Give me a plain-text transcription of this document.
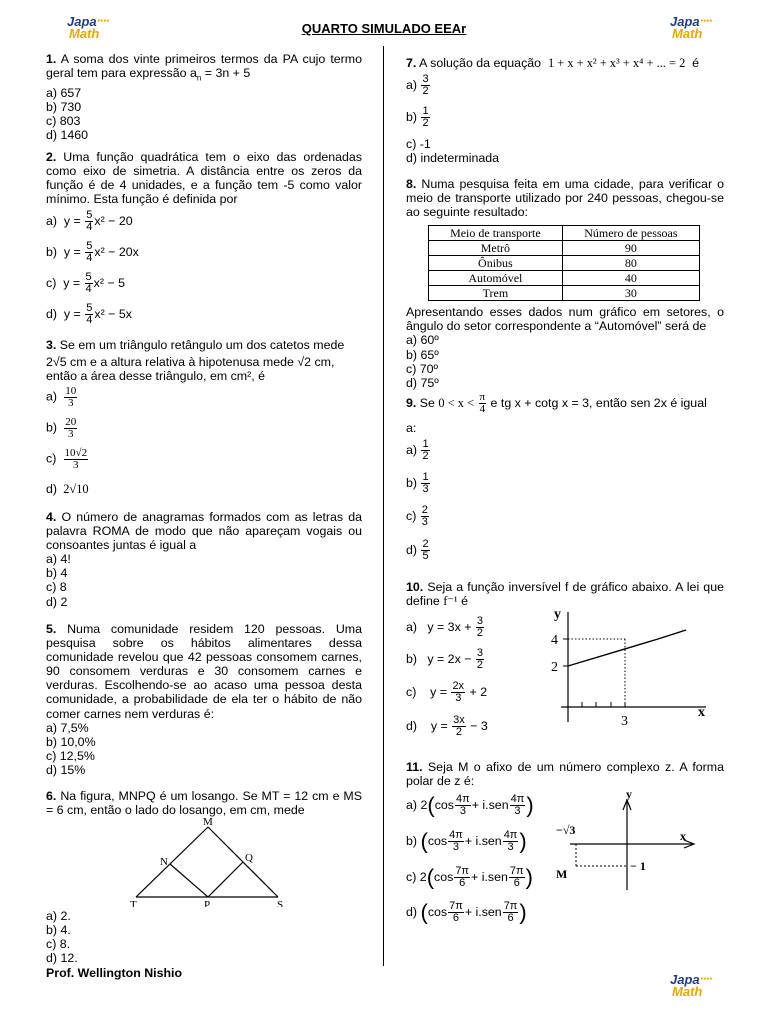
Japa
Math
●●●●	Japa
Math
●●●●
Japa
Math
●●●●
QUARTO SIMULADO EEAr
1. A soma dos vinte primeiros termos da PA cujo termo geral tem para expressão $a_n = 3n + 5$
a) 657
b) 730
c) 803
d) 1460
2. Uma função quadrática tem o eixo das ordenadas como eixo de simetria. A distância entre os zeros da função é de 4 unidades, e a função tem -5 como valor mínimo. Esta função é definida por
a) $y = \frac{5}{4} x^2 - 20$
b) $y = \frac{5}{4} x^2 - 20x$
c) $y = \frac{5}{4} x^2 - 5$
d) $y = \frac{5}{4} x^2 - 5x$
3. Se em um triângulo retângulo um dos catetos mede
2√5 cm e a altura relativa à hipotenusa mede √2 cm,
então a área desse triângulo, em cm², é
$a) \frac{10}{3}$
$b) \frac{20}{3}$
$c) \frac{10√2}{3}$
d) 2√10
4. O número de anagramas formados com as letras da palavra ROMA de modo que não apareçam vogais ou consoantes juntas é igual a
a) 4!
b) 4
c) 8
d) 2
5. Numa comunidade residem 120 pessoas. Uma pesquisa sobre os hábitos alimentares dessa comunidade revelou que 42 pessoas consomem carnes, 90 consomem verduras e 30 consomem carnes e verduras. Escolhendo-se ao acaso uma pessoa desta comunidade, a probabilidade de ela ter o hábito de não comer carnes nem verduras é:
a) 7,5%
b) 10,0%
c) 12,5%
d) 15%
6. Na figura, MNPQ é um losango. Se MT = 12 cm e MS = 6 cm, então o lado do losango, em cm, mede
M
N	Q
T	P	S
a) 2.
b) 4.
c) 8.
d) 12.
Prof. Wellington Nishio
7. A solução da equação 1 + x + x² + x³ + x⁴ + ... = 2 é
$a) \frac{3}{2}$
$b) \frac{1}{2}$
c) -1
d) indeterminada
8. Numa pesquisa feita em uma cidade, para verificar o meio de transporte utilizado por 240 pessoas, chegou-se ao seguinte resultado:
Meio de transporte	Número de pessoas
Metrô	90
Ônibus	80
Automóvel	40
Trem	30
Apresentando esses dados num gráfico em setores, o ângulo do setor correspondente a “Automóvel” será de
a) 60º
b) 65º
c) 70º
d) 75º
9. Se $0 < x < \frac{\pi}{4}$ e tg x + cotg x = 3, então sen 2x é igual
a:
$a) \frac{1}{2}$
$b) \frac{1}{3}$
$c) \frac{2}{3}$
$d) \frac{2}{5}$
10. Seja a função inversível f de gráfico abaixo. A lei que define f⁻¹ é
a) $y = 3x + \frac{3}{2}$
b) $y = 2x - \frac{3}{2}$
c) $y = \frac{2x}{3} + 2$
d) $y = \frac{3x}{2} - 3$
y
x
4
2
3
11. Seja M o afixo de um número complexo z. A forma polar de z é:
a) $2(\cos \frac{4\pi}{3} + i.sen \frac{4\pi}{3}$ )
b) ($\cos \frac{4\pi}{3} + i.sen \frac{4\pi}{3}$ )
c) $2(\cos \frac{7\pi}{6} + i.sen \frac{7\pi}{6}$ )
d) ($\cos \frac{7\pi}{6} + i.sen \frac{7\pi}{6}$ )
y
x
−√3
− 1
M
